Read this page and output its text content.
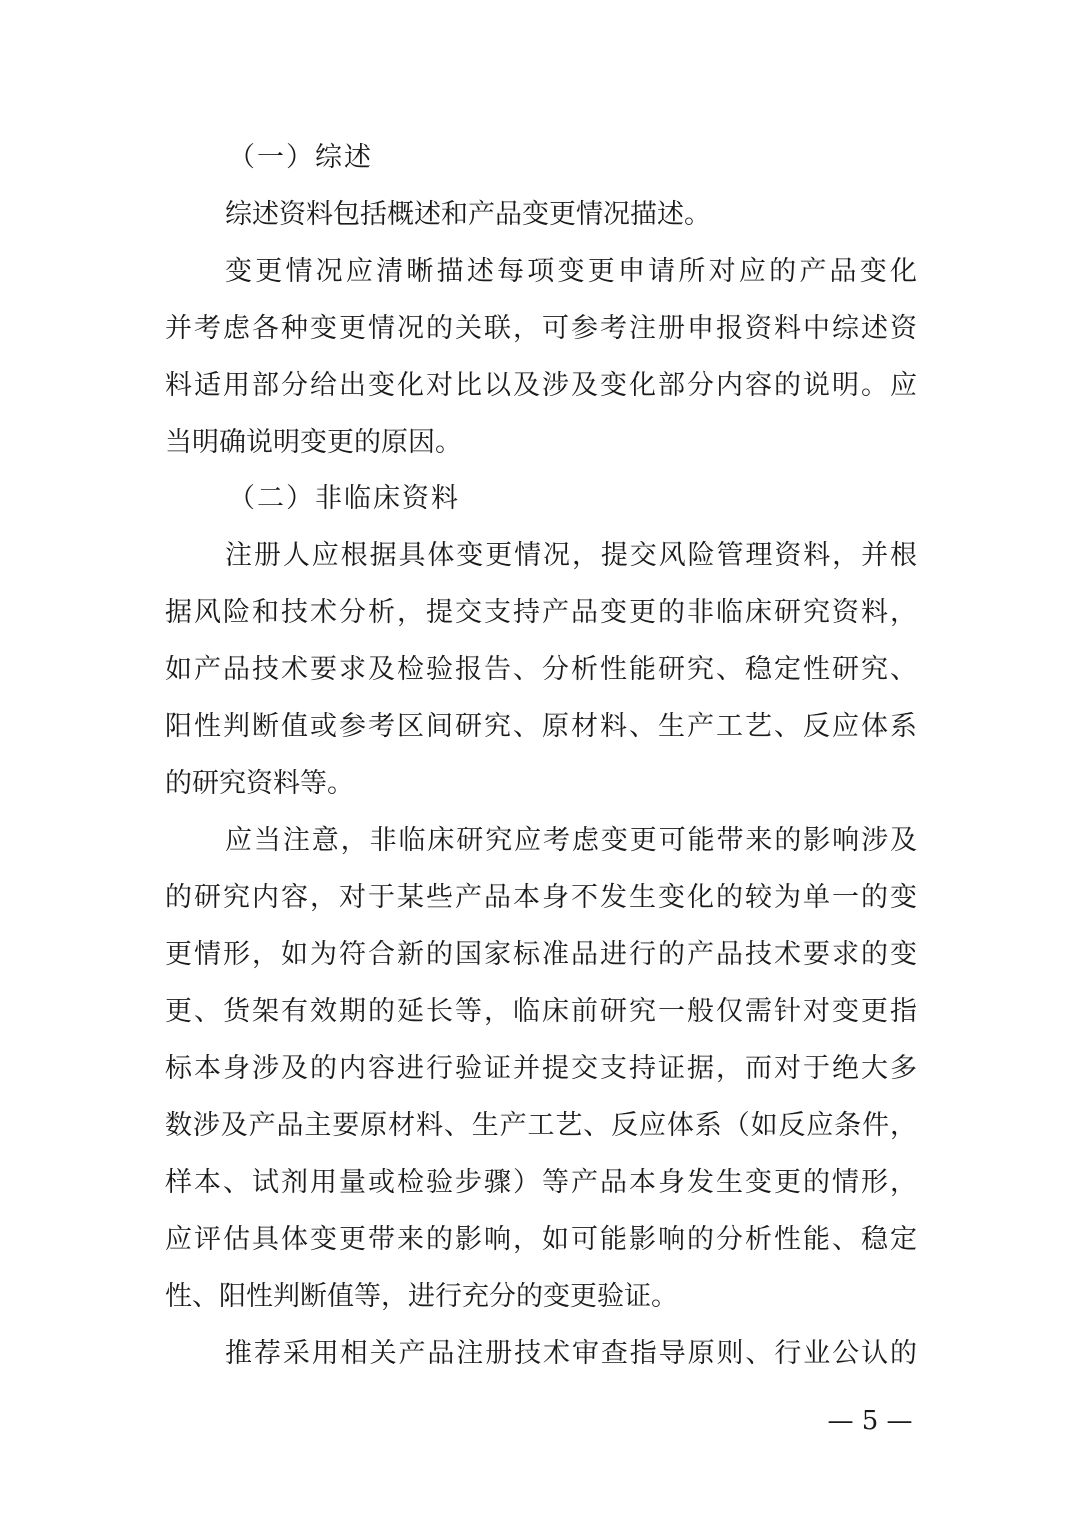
（一）综述
综述资料包括概述和产品变更情况描述。
变更情况应清晰描述每项变更申请所对应的产品变化
并考虑各种变更情况的关联，可参考注册申报资料中综述资
料适用部分给出变化对比以及涉及变化部分内容的说明。应
当明确说明变更的原因。
（二）非临床资料
注册人应根据具体变更情况，提交风险管理资料，并根
据风险和技术分析，提交支持产品变更的非临床研究资料，
如产品技术要求及检验报告、分析性能研究、稳定性研究、
阳性判断值或参考区间研究、原材料、生产工艺、反应体系
的研究资料等。
应当注意，非临床研究应考虑变更可能带来的影响涉及
的研究内容，对于某些产品本身不发生变化的较为单一的变
更情形，如为符合新的国家标准品进行的产品技术要求的变
更、货架有效期的延长等，临床前研究一般仅需针对变更指
标本身涉及的内容进行验证并提交支持证据，而对于绝大多
数涉及产品主要原材料、生产工艺、反应体系（如反应条件，
样本、试剂用量或检验步骤）等产品本身发生变更的情形，
应评估具体变更带来的影响，如可能影响的分析性能、稳定
性、阳性判断值等，进行充分的变更验证。
推荐采用相关产品注册技术审查指导原则、行业公认的
— 5 —
